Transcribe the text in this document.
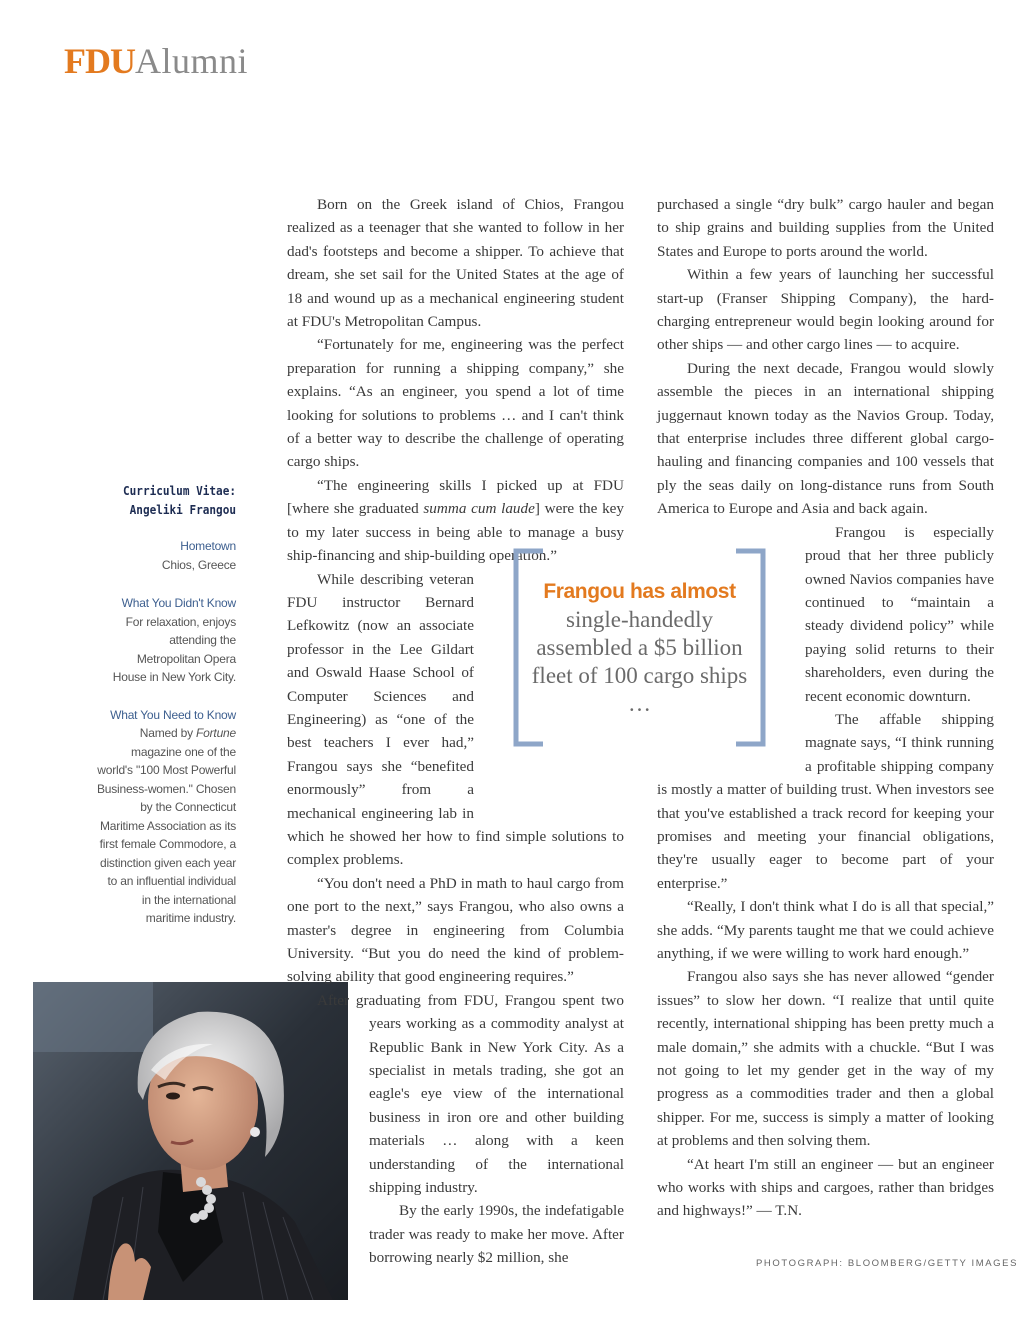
FDUAlumni
Curriculum Vitae:
Angeliki Frangou

Hometown

Chios, Greece

What You Didn't Know

For relaxation, enjoys attending the Metropolitan Opera House in New York City.

What You Need to Know

Named by Fortune magazine one of the world's "100 Most Powerful Business-women." Chosen by the Connecticut Maritime Association as its first female Commodore, a distinction given each year to an influential individual in the international maritime industry.

Born on the Greek island of Chios, Frangou realized as a teenager that she wanted to follow in her dad's footsteps and become a shipper. To achieve that dream, she set sail for the United States at the age of 18 and wound up as a mechanical engineering student at FDU's Metropolitan Campus.

“Fortunately for me, engineering was the perfect preparation for running a shipping company,” she explains. “As an engineer, you spend a lot of time looking for solutions to problems … and I can't think of a better way to describe the challenge of operating cargo ships.

“The engineering skills I picked up at FDU [where she graduated summa cum laude] were the key to my later success in being able to manage a busy ship-financing and ship-building operation.”

While describing veteran FDU instructor Bernard Lefkowitz (now an associate professor in the Lee Gildart and Oswald Haase School of Computer Sciences and Engineering) as “one of the best teachers I ever had,” Frangou says she “benefited enormously” from a mechanical engineering lab in which he showed her how to find simple solutions to complex problems.

“You don't need a PhD in math to haul cargo from one port to the next,” says Frangou, who also owns a master's degree in engineering from Columbia University. “But you do need the kind of problem-solving ability that good engineering requires.”

After graduating from FDU, Frangou spent two years working as a commodity analyst at Republic Bank in New York City. As a specialist in metals trading, she got an eagle's eye view of the international business in iron ore and other building materials … along with a keen understanding of the international shipping industry.

By the early 1990s, the indefatigable trader was ready to make her move. After borrowing nearly $2 million, she

purchased a single “dry bulk” cargo hauler and began to ship grains and building supplies from the United States and Europe to ports around the world.

Within a few years of launching her successful start-up (Franser Shipping Company), the hard-charging entrepreneur would begin looking around for other ships — and other cargo lines — to acquire.

During the next decade, Frangou would slowly assemble the pieces in an international shipping juggernaut known today as the Navios Group. Today, that enterprise includes three different global cargo-hauling and financing companies and 100 vessels that ply the seas daily on long-distance runs from South America to Europe and Asia and back again.

Frangou is especially proud that her three publicly owned Navios companies have continued to “maintain a steady dividend policy” while paying solid returns to their shareholders, even during the recent economic downturn.

The affable shipping magnate says, “I think running a profitable shipping company is mostly a matter of building trust. When investors see that you've established a track record for keeping your promises and meeting your financial obligations, they're usually eager to become part of your enterprise.”

“Really, I don't think what I do is all that special,” she adds. “My parents taught me that we could achieve anything, if we were willing to work hard enough.”

Frangou also says she has never allowed “gender issues” to slow her down. “I realize that until quite recently, international shipping has been pretty much a male domain,” she admits with a chuckle. “But I was not going to let my gender get in the way of my progress as a commodities trader and then a global shipper. For me, success is simply a matter of looking at problems and then solving them.

“At heart I'm still an engineer — but an engineer who works with ships and cargoes, rather than bridges and highways!” — T.N.

Frangou has almost
single-handedly assembled a $5 billion fleet of 100 cargo ships …
PHOTOGRAPH: BLOOMBERG/GETTY IMAGES
